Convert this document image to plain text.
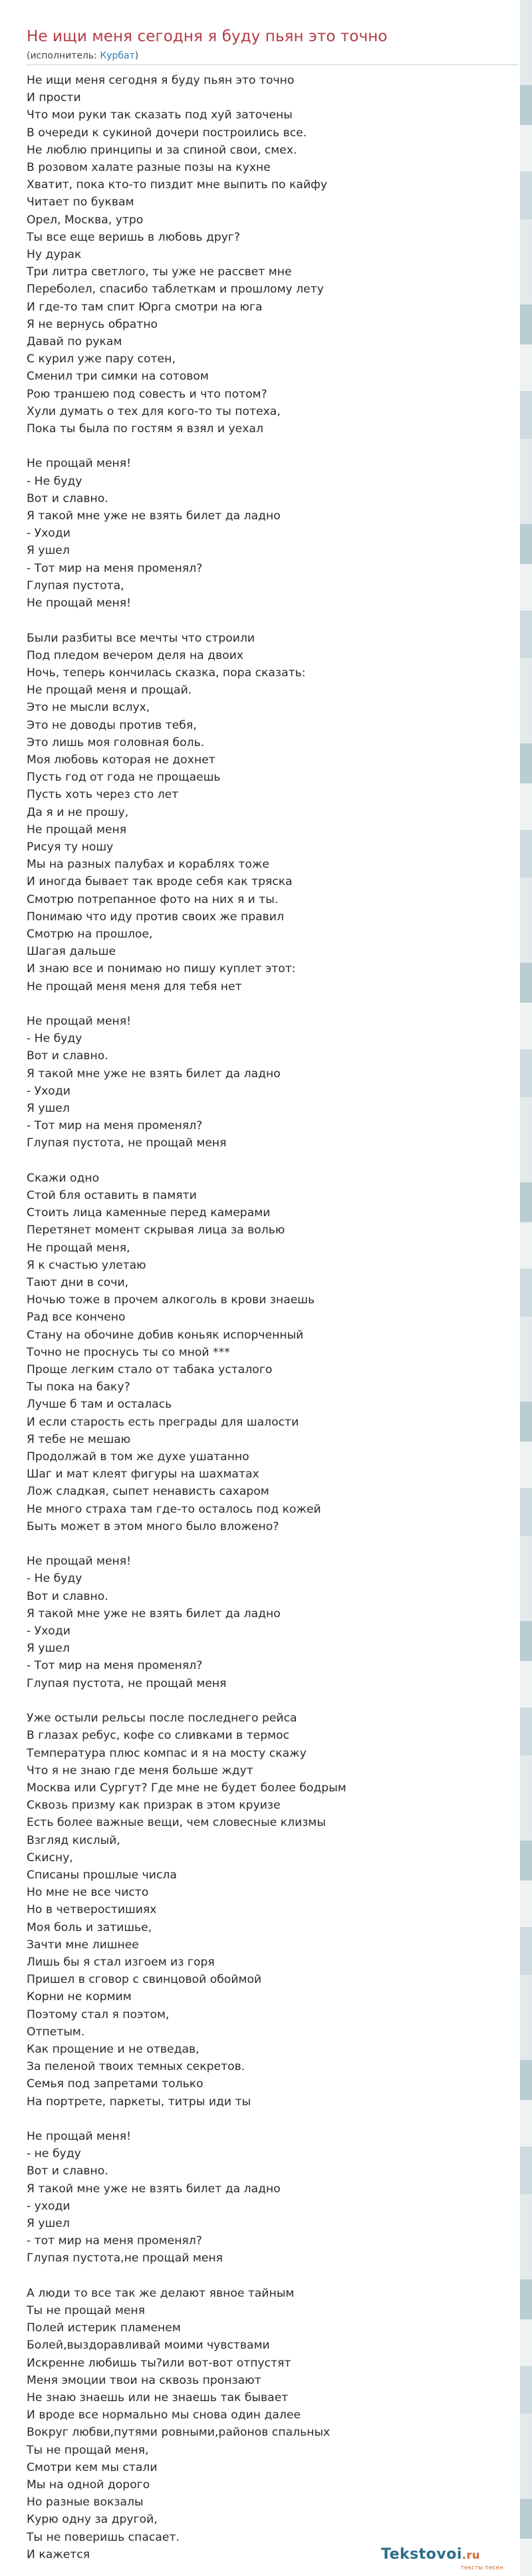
Не ищи меня сегодня я буду пьян это точно
(исполнитель: Курбат)
Не ищи меня сегодня я буду пьян это точно
И прости
Что мои руки так сказать под хуй заточены
В очереди к сукиной дочери построились все.
Не люблю принципы и за спиной свои, смех.
В розовом халате разные позы на кухне
Хватит, пока кто-то пиздит мне выпить по кайфу
Читает по буквам
Орел, Москва, утро
Ты все еще веришь в любовь друг?
Ну дурак
Три литра светлого, ты уже не рассвет мне
Переболел, спасибо таблеткам и прошлому лету
И где-то там спит Юрга смотри на юга
Я не вернусь обратно
Давай по рукам
С курил уже пару сотен,
Сменил три симки на сотовом
Рою траншею под совесть и что потом?
Хули думать о тех для кого-то ты потеха,
Пока ты была по гостям я взял и уехал

Не прощай меня!
- Не буду
Вот и славно.
Я такой мне уже не взять билет да ладно
- Уходи
Я ушел
- Тот мир на меня променял?
Глупая пустота,
Не прощай меня!

Были разбиты все мечты что строили
Под пледом вечером деля на двоих
Ночь, теперь кончилась сказка, пора сказать:
Не прощай меня и прощай.
Это не мысли вслух,
Это не доводы против тебя,
Это лишь моя головная боль.
Моя любовь которая не дохнет
Пусть год от года не прощаешь
Пусть хоть через сто лет
Да я и не прошу,
Не прощай меня
Рисуя ту ношу
Мы на разных палубах и кораблях тоже
И иногда бывает так вроде себя как тряска
Смотрю потрепанное фото на них я и ты.
Понимаю что иду против своих же правил
Смотрю на прошлое,
Шагая дальше
И знаю все и понимаю но пишу куплет этот:
Не прощай меня меня для тебя нет

Не прощай меня!
- Не буду
Вот и славно.
Я такой мне уже не взять билет да ладно
- Уходи
Я ушел
- Тот мир на меня променял?
Глупая пустота, не прощай меня

Скажи одно
Стой бля оставить в памяти
Стоить лица каменные перед камерами
Перетянет момент скрывая лица за волью
Не прощай меня,
Я к счастью улетаю
Тают дни в сочи,
Ночью тоже в прочем алкоголь в крови знаешь
Рад все кончено
Стану на обочине добив коньяк испорченный
Точно не проснусь ты со мной ***
Проще легким стало от табака усталого
Ты пока на баку?
Лучше б там и осталась
И если старость есть преграды для шалости
Я тебе не мешаю
Продолжай в том же духе ушатанно
Шаг и мат клеят фигуры на шахматах
Лож сладкая, сыпет ненависть сахаром
Не много страха там где-то осталось под кожей
Быть может в этом много было вложено?

Не прощай меня!
- Не буду
Вот и славно.
Я такой мне уже не взять билет да ладно
- Уходи
Я ушел
- Тот мир на меня променял?
Глупая пустота, не прощай меня

Уже остыли рельсы после последнего рейса
В глазах ребус, кофе со сливками в термос
Температура плюс компас и я на мосту скажу
Что я не знаю где меня больше ждут
Москва или Сургут? Где мне не будет более бодрым
Сквозь призму как призрак в этом круизе
Есть более важные вещи, чем словесные клизмы
Взгляд кислый,
Скисну,
Списаны прошлые числа
Но мне не все чисто
Но в четверостишиях
Моя боль и затишье,
Зачти мне лишнее
Лишь бы я стал изгоем из горя
Пришел в сговор с свинцовой обоймой
Корни не кормим
Поэтому стал я поэтом,
Отпетым.
Как прощение и не отведав,
За пеленой твоих темных секретов.
Семья под запретами только
На портрете, паркеты, титры иди ты

Не прощай меня!
- не буду
Вот и славно.
Я такой мне уже не взять билет да ладно
- уходи
Я ушел
- тот мир на меня променял?
Глупая пустота,не прощай меня

А люди то все так же делают явное тайным
Ты не прощай меня
Полей истерик пламенем
Болей,выздоравливай моими чувствами
Искренне любишь ты?или вот-вот отпустят
Меня эмоции твои на сквозь пронзают
Не знаю знаешь или не знаешь так бывает
И вроде все нормально мы снова один далее
Вокруг любви,путями ровными,районов спальных
Ты не прощай меня,
Смотри кем мы стали
Мы на одной дорого
Но разные вокзалы
Курю одну за другой,
Ты не поверишь спасает.
И кажется	Tekstovoi.ru
тексты песен
